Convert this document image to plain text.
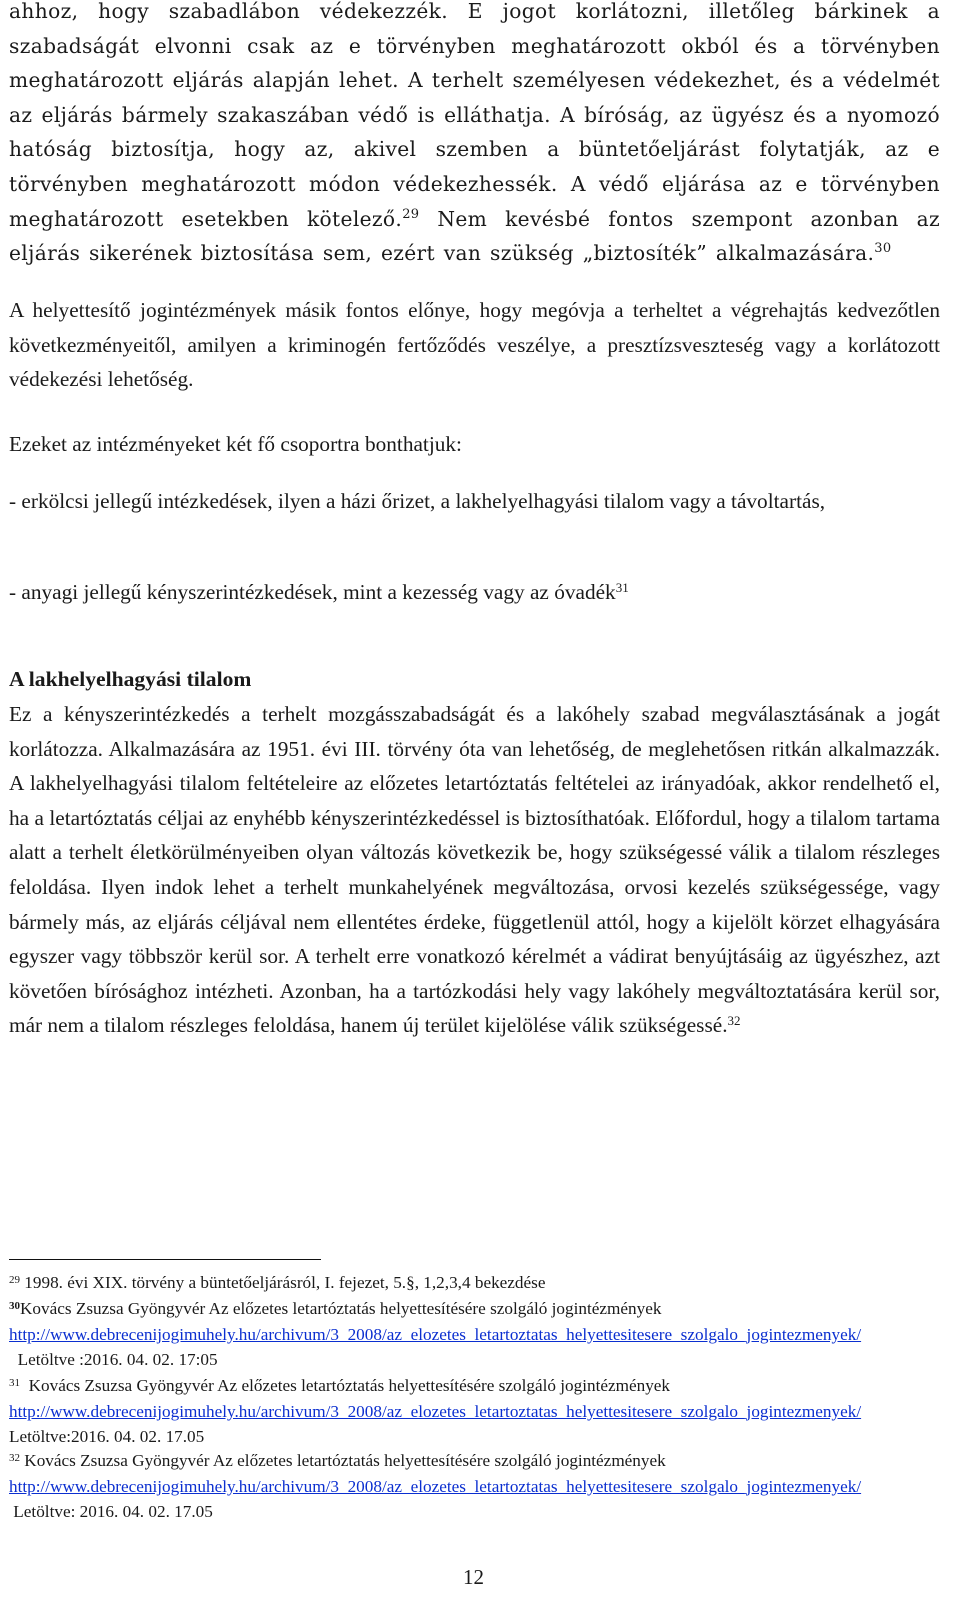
ahhoz, hogy szabadlábon védekezzék. E jogot korlátozni, illetőleg bárkinek a szabadságát elvonni csak az e törvényben meghatározott okból és a törvényben meghatározott eljárás alapján lehet. A terhelt személyesen védekezhet, és a védelmét az eljárás bármely szakaszában védő is elláthatja. A bíróság, az ügyész és a nyomozó hatóság biztosítja, hogy az, akivel szemben a büntetőeljárást folytatják, az e törvényben meghatározott módon védekezhessék. A védő eljárása az e törvényben meghatározott esetekben kötelező.$^{29}$ Nem kevésbé fontos szempont azonban az eljárás sikerének biztosítása sem, ezért van szükség „biztosíték” alkalmazására.$^{30}$

A helyettesítő jogintézmények másik fontos előnye, hogy megóvja a terheltet a végrehajtás kedvezőtlen következményeitől, amilyen a kriminogén fertőződés veszélye, a presztízsveszteség vagy a korlátozott védekezési lehetőség.

Ezeket az intézményeket két fő csoportra bonthatjuk:

- erkölcsi jellegű intézkedések, ilyen a házi őrizet, a lakhelyelhagyási tilalom vagy a távoltartás,

- anyagi jellegű kényszerintézkedések, mint a kezesség vagy az óvadék$^{31}$

A lakhelyelhagyási tilalom

Ez a kényszerintézkedés a terhelt mozgásszabadságát és a lakóhely szabad megválasztásának a jogát korlátozza. Alkalmazására az 1951. évi III. törvény óta van lehetőség, de meglehetősen ritkán alkalmazzák. A lakhelyelhagyási tilalom feltételeire az előzetes letartóztatás feltételei az irányadóak, akkor rendelhető el, ha a letartóztatás céljai az enyhébb kényszerintézkedéssel is biztosíthatóak. Előfordul, hogy a tilalom tartama alatt a terhelt életkörülményeiben olyan változás következik be, hogy szükségessé válik a tilalom részleges feloldása. Ilyen indok lehet a terhelt munkahelyének megváltozása, orvosi kezelés szükségessége, vagy bármely más, az eljárás céljával nem ellentétes érdeke, függetlenül attól, hogy a kijelölt körzet elhagyására egyszer vagy többször kerül sor. A terhelt erre vonatkozó kérelmét a vádirat benyújtásáig az ügyészhez, azt követően bírósághoz intézheti. Azonban, ha a tartózkodási hely vagy lakóhely megváltoztatására kerül sor, már nem a tilalom részleges feloldása, hanem új terület kijelölése válik szükségessé.$^{32}$

$^{29}$ 1998. évi XIX. törvény a büntetőeljárásról, I. fejezet, 5.§, 1,2,3,4 bekezdése

$^{30}$Kovács Zsuzsa Gyöngyvér Az előzetes letartóztatás helyettesítésére szolgáló jogintézmények
http://www.debrecenijogimuhely.hu/archivum/3_2008/az_elozetes_letartoztatas_helyettesitesere_szolgalo_jogintezmenyek/  Letöltve :2016. 04. 02. 17:05

$^{31}$  Kovács Zsuzsa Gyöngyvér Az előzetes letartóztatás helyettesítésére szolgáló jogintézmények
http://www.debrecenijogimuhely.hu/archivum/3_2008/az_elozetes_letartoztatas_helyettesitesere_szolgalo_jogintezmenyek/Letöltve:2016. 04. 02. 17.05

$^{32}$ Kovács Zsuzsa Gyöngyvér Az előzetes letartóztatás helyettesítésére szolgáló jogintézmények
http://www.debrecenijogimuhely.hu/archivum/3_2008/az_elozetes_letartoztatas_helyettesitesere_szolgalo_jogintezmenyek/ Letöltve: 2016. 04. 02. 17.05

12
